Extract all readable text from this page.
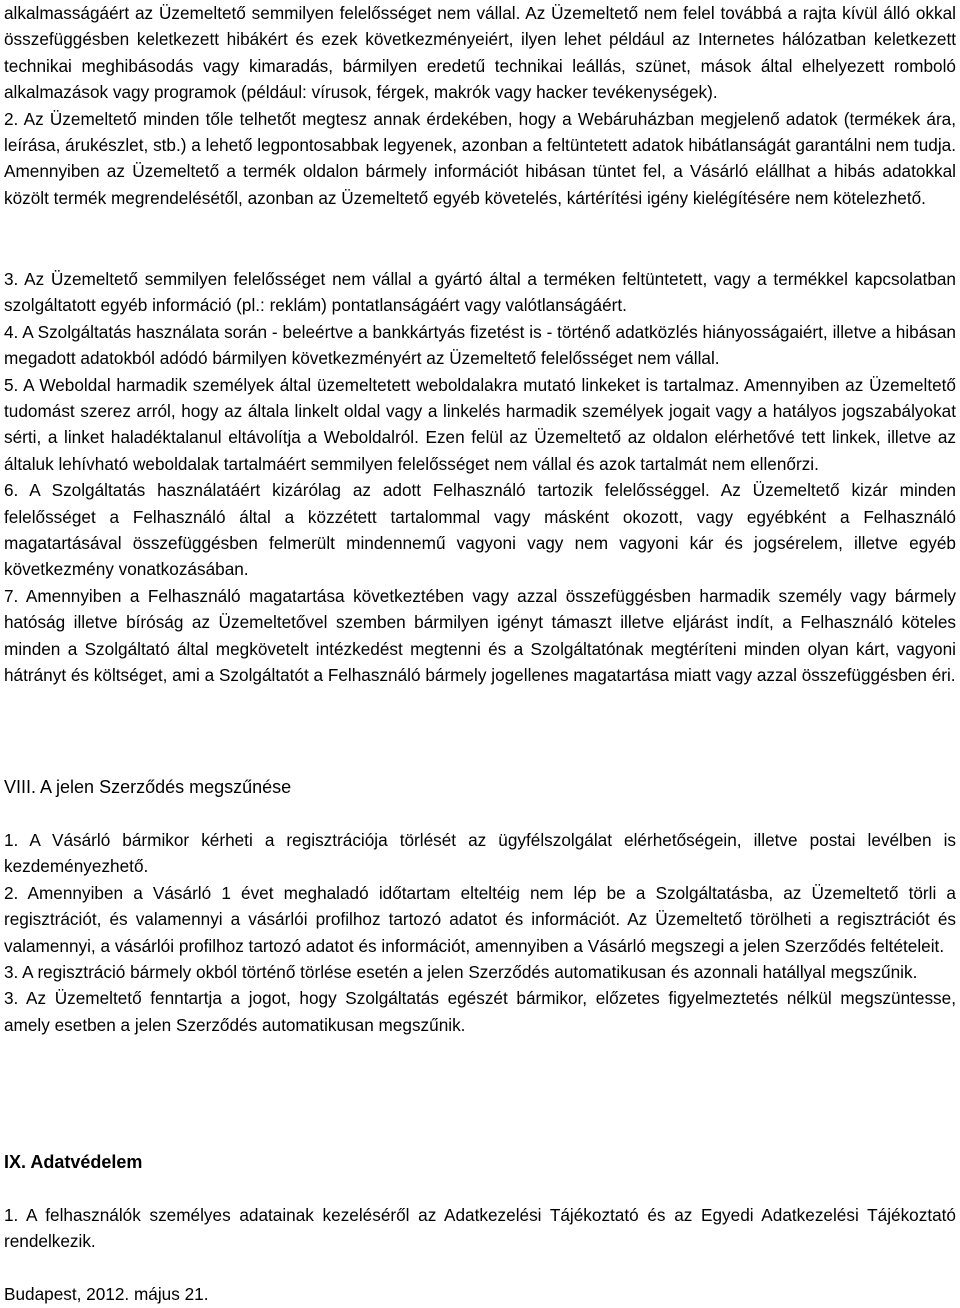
alkalmasságáért az Üzemeltető semmilyen felelősséget nem vállal. Az Üzemeltető nem felel továbbá a rajta kívül álló okkal összefüggésben keletkezett hibákért és ezek következményeiért, ilyen lehet például az Internetes hálózatban keletkezett technikai meghibásodás vagy kimaradás, bármilyen eredetű technikai leállás, szünet, mások által elhelyezett romboló alkalmazások vagy programok (például: vírusok, férgek, makrók vagy hacker tevékenységek).

2. Az Üzemeltető minden tőle telhetőt megtesz annak érdekében, hogy a Webáruházban megjelenő adatok (termékek ára, leírása, árukészlet, stb.) a lehető legpontosabbak legyenek, azonban a feltüntetett adatok hibátlanságát garantálni nem tudja. Amennyiben az Üzemeltető a termék oldalon bármely információt hibásan tüntet fel, a Vásárló elállhat a hibás adatokkal közölt termék megrendelésétől, azonban az Üzemeltető egyéb követelés, kártérítési igény kielégítésére nem kötelezhető.

3. Az Üzemeltető semmilyen felelősséget nem vállal a gyártó által a terméken feltüntetett, vagy a termékkel kapcsolatban szolgáltatott egyéb információ (pl.: reklám) pontatlanságáért vagy valótlanságáért.

4. A Szolgáltatás használata során - beleértve a bankkártyás fizetést is - történő adatközlés hiányosságaiért, illetve a hibásan megadott adatokból adódó bármilyen következményért az Üzemeltető felelősséget nem vállal.

5. A Weboldal harmadik személyek által üzemeltetett weboldalakra mutató linkeket is tartalmaz. Amennyiben az Üzemeltető tudomást szerez arról, hogy az általa linkelt oldal vagy a linkelés harmadik személyek jogait vagy a hatályos jogszabályokat sérti, a linket haladéktalanul eltávolítja a Weboldalról. Ezen felül az Üzemeltető az oldalon elérhetővé tett linkek, illetve az általuk lehívható weboldalak tartalmáért semmilyen felelősséget nem vállal és azok tartalmát nem ellenőrzi.

6. A Szolgáltatás használatáért kizárólag az adott Felhasználó tartozik felelősséggel. Az Üzemeltető kizár minden felelősséget a Felhasználó által a közzétett tartalommal vagy másként okozott, vagy egyébként a Felhasználó magatartásával összefüggésben felmerült mindennemű vagyoni vagy nem vagyoni kár és jogsérelem, illetve egyéb következmény vonatkozásában.

7. Amennyiben a Felhasználó magatartása következtében vagy azzal összefüggésben harmadik személy vagy bármely hatóság illetve bíróság az Üzemeltetővel szemben bármilyen igényt támaszt illetve eljárást indít, a Felhasználó köteles minden a Szolgáltató által megkövetelt intézkedést megtenni és a Szolgáltatónak megtéríteni minden olyan kárt, vagyoni hátrányt és költséget, ami a Szolgáltatót a Felhasználó bármely jogellenes magatartása miatt vagy azzal összefüggésben éri.

VIII. A jelen Szerződés megszűnése

1. A Vásárló bármikor kérheti a regisztrációja törlését az ügyfélszolgálat elérhetőségein, illetve postai levélben is kezdeményezhető.

2. Amennyiben a Vásárló 1 évet meghaladó időtartam elteltéig nem lép be a Szolgáltatásba, az Üzemeltető törli a regisztrációt, és valamennyi a vásárlói profilhoz tartozó adatot és információt. Az Üzemeltető törölheti a regisztrációt és valamennyi, a vásárlói profilhoz tartozó adatot és információt, amennyiben a Vásárló megszegi a jelen Szerződés feltételeit.

3. A regisztráció bármely okból történő törlése esetén a jelen Szerződés automatikusan és azonnali hatállyal megszűnik.

3. Az Üzemeltető fenntartja a jogot, hogy Szolgáltatás egészét bármikor, előzetes figyelmeztetés nélkül megszüntesse, amely esetben a jelen Szerződés automatikusan megszűnik.

IX. Adatvédelem

1. A felhasználók személyes adatainak kezeléséről az Adatkezelési Tájékoztató és az Egyedi Adatkezelési Tájékoztató rendelkezik.

Budapest, 2012. május 21.
